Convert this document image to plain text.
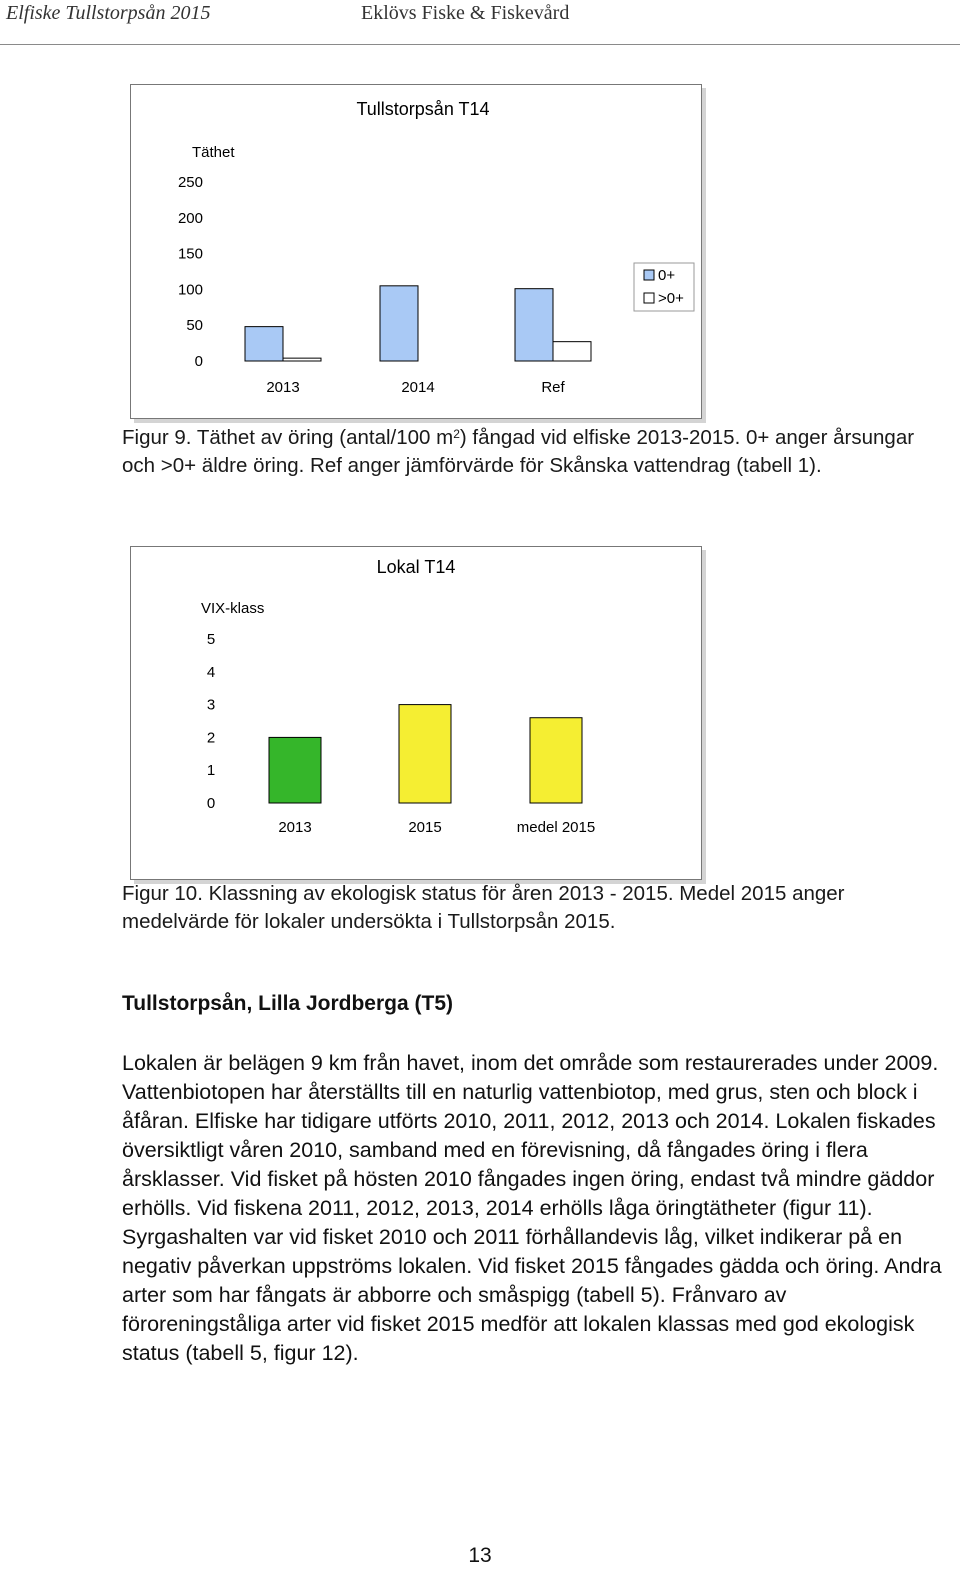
Elfiske Tullstorpsån 2015	Eklövs Fiske & Fiskevård
Tullstorpsån T14
Täthet
0
50
100
150
200
250
2013	2014	Ref
0+
>0+
Figur 9. Täthet av öring (antal/100 $m^2$) fångad vid elfiske 2013-2015. 0+ anger årsungar och >0+ äldre öring. Ref anger jämförvärde för Skånska vattendrag (tabell 1).
Lokal T14
VIX-klass
0
1
2
3
4
5
2013	2015	medel 2015
Figur 10. Klassning av ekologisk status för åren 2013 - 2015. Medel 2015 anger medelvärde för lokaler undersökta i Tullstorpsån 2015.
Tullstorpsån, Lilla Jordberga (T5)
Lokalen är belägen 9 km från havet, inom det område som restaurerades under 2009. Vattenbiotopen har återställts till en naturlig vattenbiotop, med grus, sten och block i åfåran. Elfiske har tidigare utförts 2010, 2011, 2012, 2013 och 2014. Lokalen fiskades översiktligt våren 2010, samband med en förevisning, då fångades öring i flera årsklasser. Vid fisket på hösten 2010 fångades ingen öring, endast två mindre gäddor erhölls. Vid fiskena 2011, 2012, 2013, 2014 erhölls låga öringtätheter (figur 11). Syrgashalten var vid fisket 2010 och 2011 förhållandevis låg, vilket indikerar på en negativ påverkan uppströms lokalen. Vid fisket 2015 fångades gädda och öring. Andra arter som har fångats är abborre och småspigg (tabell 5). Frånvaro av föroreningståliga arter vid fisket 2015 medför att lokalen klassas med god ekologisk status (tabell 5, figur 12).
13
